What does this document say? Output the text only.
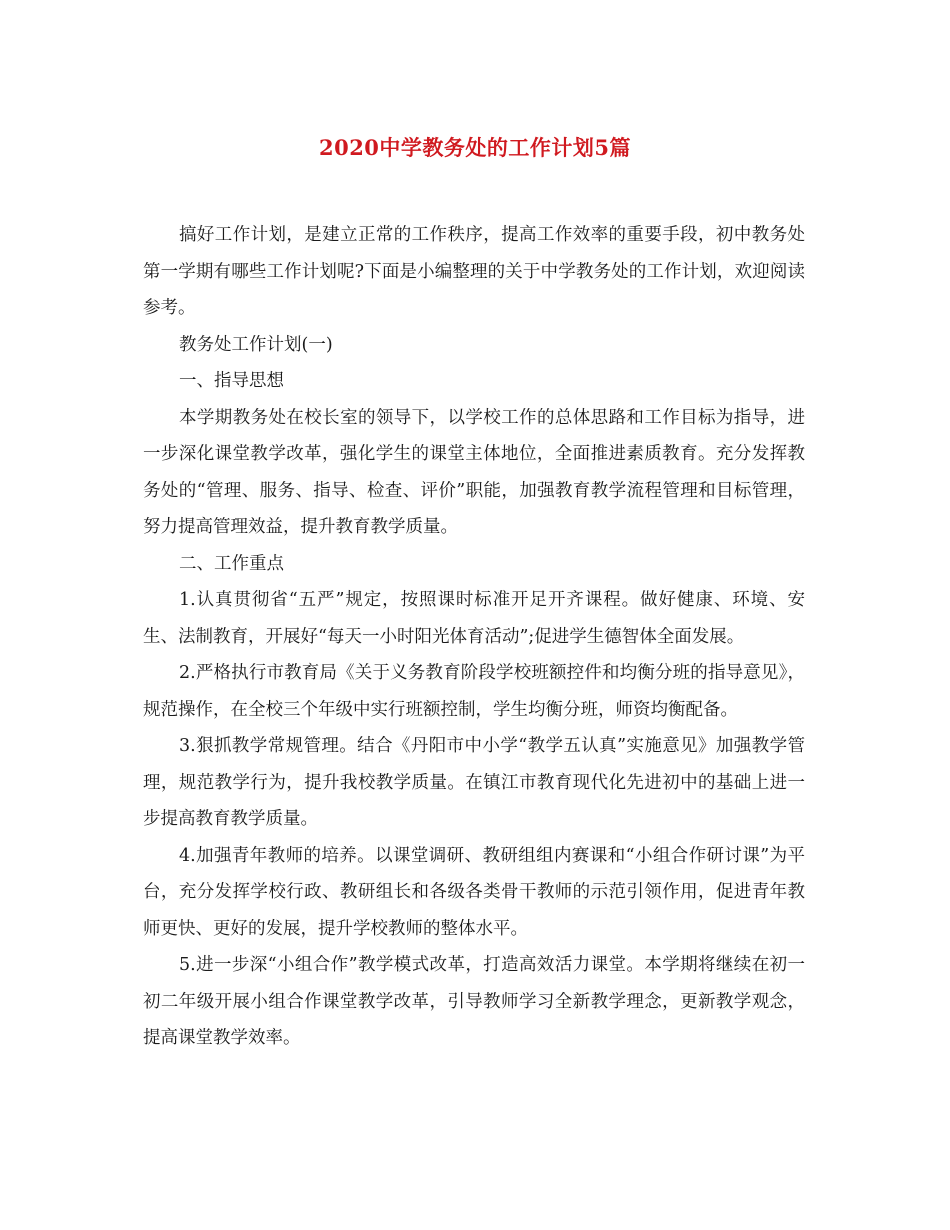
2020中学教务处的工作计划5篇

搞好工作计划，是建立正常的工作秩序，提高工作效率的重要手段，初中教务处第一学期有哪些工作计划呢?下面是小编整理的关于中学教务处的工作计划，欢迎阅读参考。

教务处工作计划(一)

一、指导思想

本学期教务处在校长室的领导下，以学校工作的总体思路和工作目标为指导，进一步深化课堂教学改革，强化学生的课堂主体地位，全面推进素质教育。充分发挥教务处的“管理、服务、指导、检查、评价”职能，加强教育教学流程管理和目标管理，努力提高管理效益，提升教育教学质量。

二、工作重点

1.认真贯彻省“五严”规定，按照课时标准开足开齐课程。做好健康、环境、安生、法制教育，开展好“每天一小时阳光体育活动”;促进学生德智体全面发展。

2.严格执行市教育局《关于义务教育阶段学校班额控件和均衡分班的指导意见》，规范操作，在全校三个年级中实行班额控制，学生均衡分班，师资均衡配备。

3.狠抓教学常规管理。结合《丹阳市中小学“教学五认真”实施意见》加强教学管理，规范教学行为，提升我校教学质量。在镇江市教育现代化先进初中的基础上进一步提高教育教学质量。

4.加强青年教师的培养。以课堂调研、教研组组内赛课和“小组合作研讨课”为平台，充分发挥学校行政、教研组长和各级各类骨干教师的示范引领作用，促进青年教师更快、更好的发展，提升学校教师的整体水平。

5.进一步深“小组合作”教学模式改革，打造高效活力课堂。本学期将继续在初一初二年级开展小组合作课堂教学改革，引导教师学习全新教学理念，更新教学观念，提高课堂教学效率。
